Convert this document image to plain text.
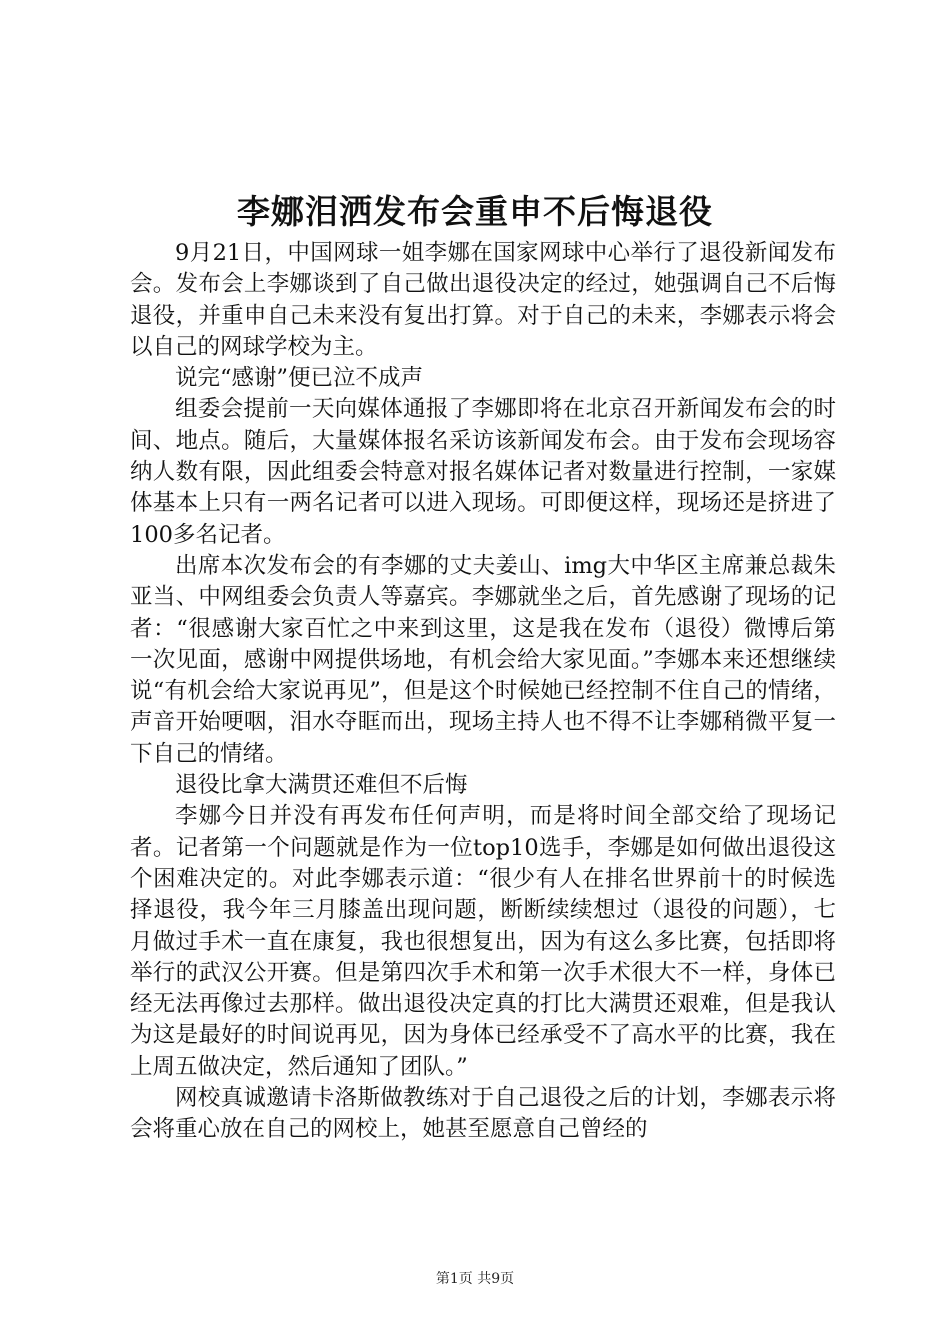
李娜泪洒发布会重申不后悔退役

9月21日，中国网球一姐李娜在国家网球中心举行了退役新闻发布会。发布会上李娜谈到了自己做出退役决定的经过，她强调自己不后悔退役，并重申自己未来没有复出打算。对于自己的未来，李娜表示将会以自己的网球学校为主。

说完“感谢”便已泣不成声

组委会提前一天向媒体通报了李娜即将在北京召开新闻发布会的时间、地点。随后，大量媒体报名采访该新闻发布会。由于发布会现场容纳人数有限，因此组委会特意对报名媒体记者对数量进行控制，一家媒体基本上只有一两名记者可以进入现场。可即便这样，现场还是挤进了100多名记者。

出席本次发布会的有李娜的丈夫姜山、img大中华区主席兼总裁朱亚当、中网组委会负责人等嘉宾。李娜就坐之后，首先感谢了现场的记者：“很感谢大家百忙之中来到这里，这是我在发布（退役）微博后第一次见面，感谢中网提供场地，有机会给大家见面。”李娜本来还想继续说“有机会给大家说再见”，但是这个时候她已经控制不住自己的情绪，声音开始哽咽，泪水夺眶而出，现场主持人也不得不让李娜稍微平复一下自己的情绪。

退役比拿大满贯还难但不后悔

李娜今日并没有再发布任何声明，而是将时间全部交给了现场记者。记者第一个问题就是作为一位top10选手，李娜是如何做出退役这个困难决定的。对此李娜表示道：“很少有人在排名世界前十的时候选择退役，我今年三月膝盖出现问题，断断续续想过（退役的问题），七月做过手术一直在康复，我也很想复出，因为有这么多比赛，包括即将举行的武汉公开赛。但是第四次手术和第一次手术很大不一样，身体已经无法再像过去那样。做出退役决定真的打比大满贯还艰难，但是我认为这是最好的时间说再见，因为身体已经承受不了高水平的比赛，我在上周五做决定，然后通知了团队。”

网校真诚邀请卡洛斯做教练对于自己退役之后的计划，李娜表示将会将重心放在自己的网校上，她甚至愿意自己曾经的

第1页 共9页
